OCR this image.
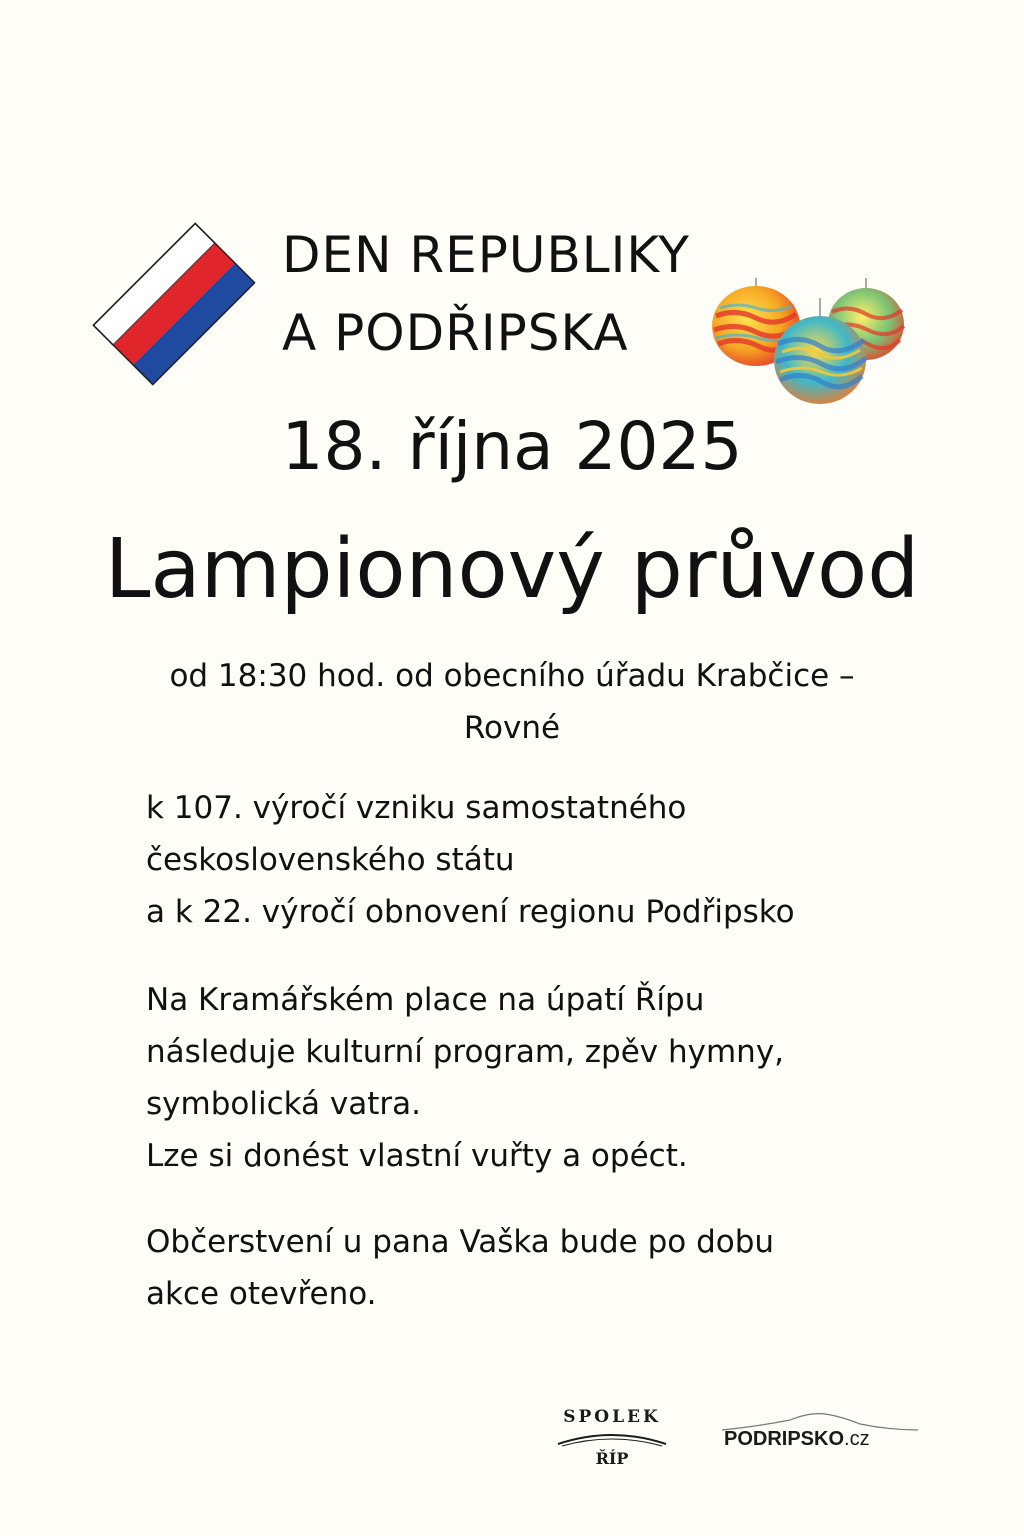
DEN REPUBLIKY
A PODŘIPSKA
18. října 2025
Lampionový průvod
od 18:30 hod. od obecního úřadu Krabčice –
Rovné
k 107. výročí vzniku samostatného
československého státu
a k 22. výročí obnovení regionu Podřipsko
Na Kramářském place na úpatí Řípu
následuje kulturní program, zpěv hymny,
symbolická vatra.
Lze si donést vlastní vuřty a opéct.
Občerstvení u pana Vaška bude po dobu
akce otevřeno.
SPOLEK
ŘÍP
PODRIPSKO.cz
